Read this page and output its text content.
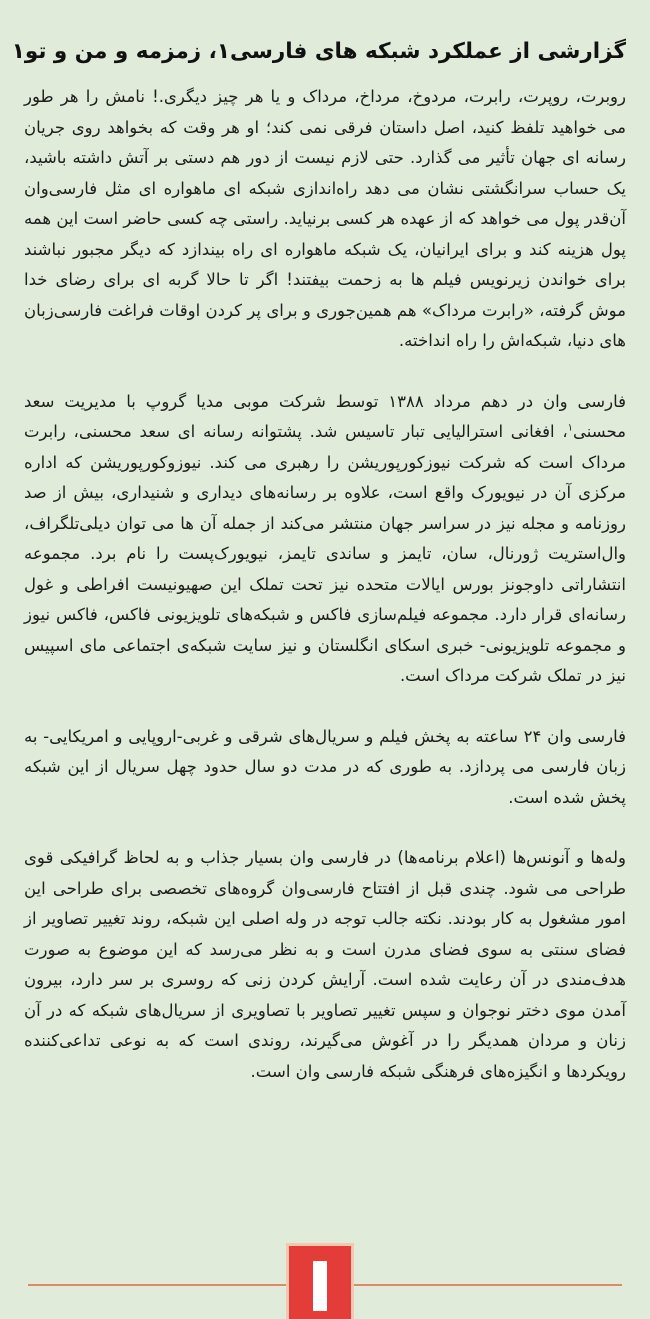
گزارشی از عملکرد شبکه های فارسی۱، زمزمه و من و تو۱

روبرت، روپرت، رابرت، مردوخ، مرداخ، مرداک و یا هر چیز دیگری.! نامش را هر طور می خواهید تلفظ کنید، اصل داستان فرقی نمی کند؛ او هر وقت که بخواهد روی جریان رسانه ای جهان تأثیر می گذارد. حتی لازم نیست از دور هم دستی بر آتش داشته باشید، یک حساب سرانگشتی نشان می دهد راه‌اندازی شبکه ای ماهواره ای مثل فارسی‌وان آن‌قدر پول می خواهد که از عهده هر کسی برنیاید. راستی چه کسی حاضر است این همه پول هزینه کند و برای ایرانیان، یک شبکه ماهواره ای راه بیندازد که دیگر مجبور نباشند برای خواندن زیرنویس فیلم ها به زحمت بیفتند! اگر تا حالا گربه ای برای رضای خدا موش گرفته، «رابرت مرداک» هم همین‌جوری و برای پر کردن اوقات فراغت فارسی‌زبان های دنیا، شبکه‌اش را راه انداخته.

فارسی وان در دهم مرداد ۱۳۸۸ توسط شرکت موبی مدیا گروپ با مدیریت سعد محسنی$^۱$، افغانی استرالیایی تبار تاسیس شد. پشتوانه رسانه ای سعد محسنی، رابرت مرداک است که شرکت نیوزکورپوریشن را رهبری می کند. نیوزوکورپوریشن که اداره مرکزی آن در نیویورک واقع است، علاوه بر رسانه‌های دیداری و شنیداری، بیش از صد روزنامه و مجله نیز در سراسر جهان منتشر می‌کند از جمله آن ها می توان دیلی‌تلگراف، وال‌استریت ژورنال، سان، تایمز و ساندی تایمز، نیویورک‌پست را نام برد. مجموعه انتشاراتی داوجونز بورس ایالات متحده نیز تحت تملک این صهیونیست افراطی و غول رسانه‌ای قرار دارد. مجموعه فیلم‌سازی فاکس و شبکه‌های تلویزیونی فاکس، فاکس نیوز و مجموعه تلویزیونی- خبری اسکای انگلستان و نیز سایت شبکه‌ی اجتماعی مای اسپیس نیز در تملک شرکت مرداک است.

فارسی وان ۲۴ ساعته به پخش فیلم و سریال‌های شرقی و غربی-اروپایی و امریکایی- به زبان فارسی می پردازد. به طوری که در مدت دو سال حدود چهل سریال از این شبکه پخش شده است.

وله‌ها و آنونس‌ها (اعلام برنامه‌ها) در فارسی وان بسیار جذاب و به لحاظ گرافیکی قوی طراحی می شود. چندی قبل از افتتاح فارسی‌وان گروه‌های تخصصی برای طراحی این امور مشغول به کار بودند. نکته جالب توجه در وله اصلی این شبکه، روند تغییر تصاویر از فضای سنتی به سوی فضای مدرن است و به نظر می‌رسد که این موضوع به صورت هدف‌مندی در آن رعایت شده است. آرایش کردن زنی که روسری بر سر دارد، بیرون آمدن موی دختر نوجوان و سپس تغییر تصاویر با تصاویری از سریال‌های شبکه که در آن زنان و مردان همدیگر را در آغوش می‌گیرند، روندی است که به نوعی تداعی‌کننده رویکردها و انگیزه‌های فرهنگی شبکه فارسی وان است.
